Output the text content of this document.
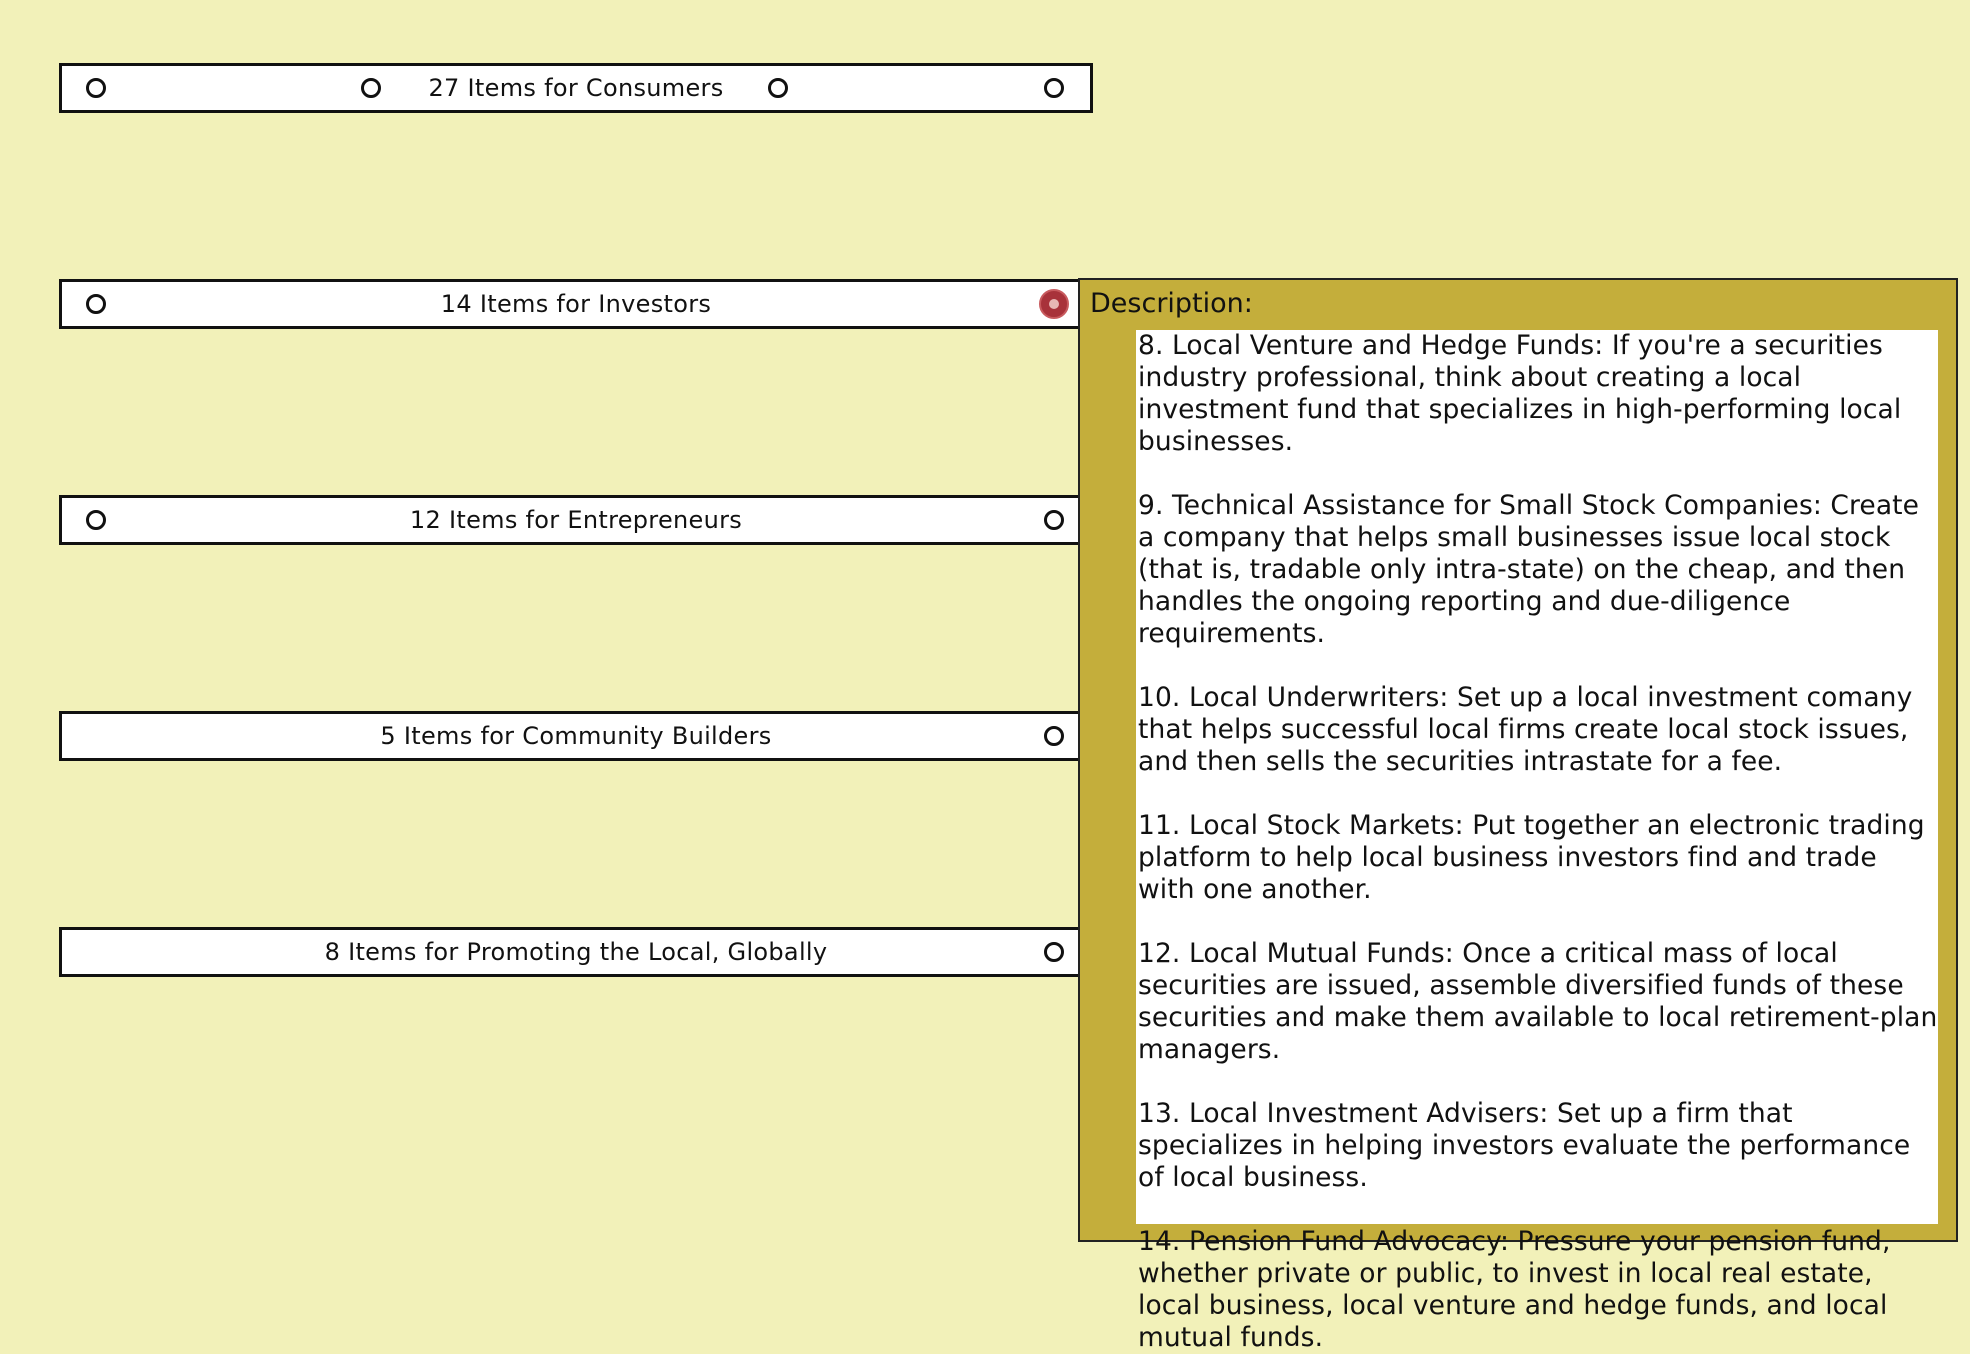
27 Items for Consumers
14 Items for Investors
12 Items for Entrepreneurs
5 Items for Community Builders
8 Items for Promoting the Local, Globally
Description:

8. Local Venture and Hedge Funds: If you're a securities industry professional, think about creating a local investment fund that specializes in high-performing local businesses.

9. Technical Assistance for Small Stock Companies: Create a company that helps small businesses issue local stock (that is, tradable only intra-state) on the cheap, and then handles the ongoing reporting and due-diligence requirements.

10. Local Underwriters: Set up a local investment comany that helps successful local firms create local stock issues, and then sells the securities intrastate for a fee.

11. Local Stock Markets: Put together an electronic trading platform to help local business investors find and trade with one another.

12. Local Mutual Funds: Once a critical mass of local securities are issued, assemble diversified funds of these securities and make them available to local retirement-plan managers.

13. Local Investment Advisers: Set up a firm that specializes in helping investors evaluate the performance of local business.

14. Pension Fund Advocacy: Pressure your pension fund, whether private or public, to invest in local real estate, local business, local venture and hedge funds, and local mutual funds.
